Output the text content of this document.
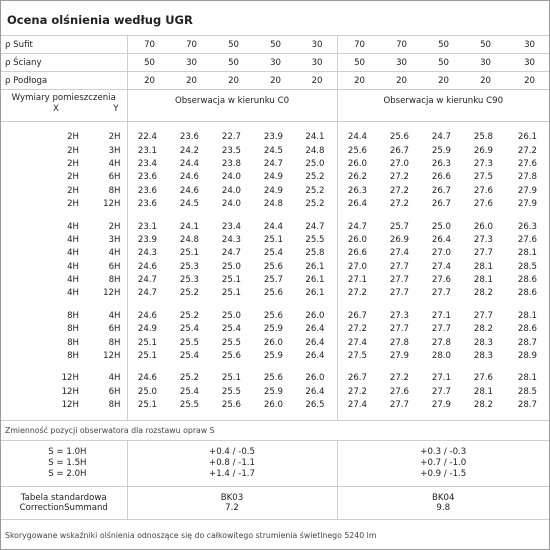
Ocena olśnienia według UGR
ρ Sufit		70	70	50	50	30	70	70	50	50	30
ρ Ściany		50	30	50	30	30	50	30	50	30	30
ρ Podłoga		20	20	20	20	20	20	20	20	20	20

Wymiary pomieszczenia
X Y		Obserwacja w kierunku C0					Obserwacja w kierunku C90				

2H	2H	22.4	23.6	22.7	23.9	24.1	24.4	25.6	24.7	25.8	26.1
2H	3H	23.1	24.2	23.5	24.5	24.8	25.6	26.7	25.9	26.9	27.2
2H	4H	23.4	24.4	23.8	24.7	25.0	26.0	27.0	26.3	27.3	27.6
2H	6H	23.6	24.6	24.0	24.9	25.2	26.2	27.2	26.6	27.5	27.8
2H	8H	23.6	24.6	24.0	24.9	25.2	26.3	27.2	26.7	27.6	27.9
2H	12H	23.6	24.5	24.0	24.8	25.2	26.4	27.2	26.7	27.6	27.9

4H	2H	23.1	24.1	23.4	24.4	24.7	24.7	25.7	25.0	26.0	26.3
4H	3H	23.9	24.8	24.3	25.1	25.5	26.0	26.9	26.4	27.3	27.6
4H	4H	24.3	25.1	24.7	25.4	25.8	26.6	27.4	27.0	27.7	28.1
4H	6H	24.6	25.3	25.0	25.6	26.1	27.0	27.7	27.4	28.1	28.5
4H	8H	24.7	25.3	25.1	25.7	26.1	27.1	27.7	27.6	28.1	28.6
4H	12H	24.7	25.2	25.1	25.6	26.1	27.2	27.7	27.7	28.2	28.6

8H	4H	24.6	25.2	25.0	25.6	26.0	26.7	27.3	27.1	27.7	28.1
8H	6H	24.9	25.4	25.4	25.9	26.4	27.2	27.7	27.7	28.2	28.6
8H	8H	25.1	25.5	25.5	26.0	26.4	27.4	27.8	27.8	28.3	28.7
8H	12H	25.1	25.4	25.6	25.9	26.4	27.5	27.9	28.0	28.3	28.9

12H	4H	24.6	25.2	25.1	25.6	26.0	26.7	27.2	27.1	27.6	28.1
12H	6H	25.0	25.4	25.5	25.9	26.4	27.2	27.6	27.7	28.1	28.5
12H	8H	25.1	25.5	25.6	26.0	26.5	27.4	27.7	27.9	28.2	28.7

Zmienność pozycji obserwatora dla rozstawu opraw S											
S = 1.0H		+0.4 / -0.5					+0.3 / -0.3				
S = 1.5H		+0.8 / -1.1					+0.7 / -1.0				
S = 2.0H		+1.4 / -1.7					+0.9 / -1.5				
Tabela standardowa		BK03					BK04				
CorrectionSummand		7.2					9.8				
Skorygowane wskaźniki olśnienia odnoszące się do całkowitego strumienia świetlnego 5240 lm											
